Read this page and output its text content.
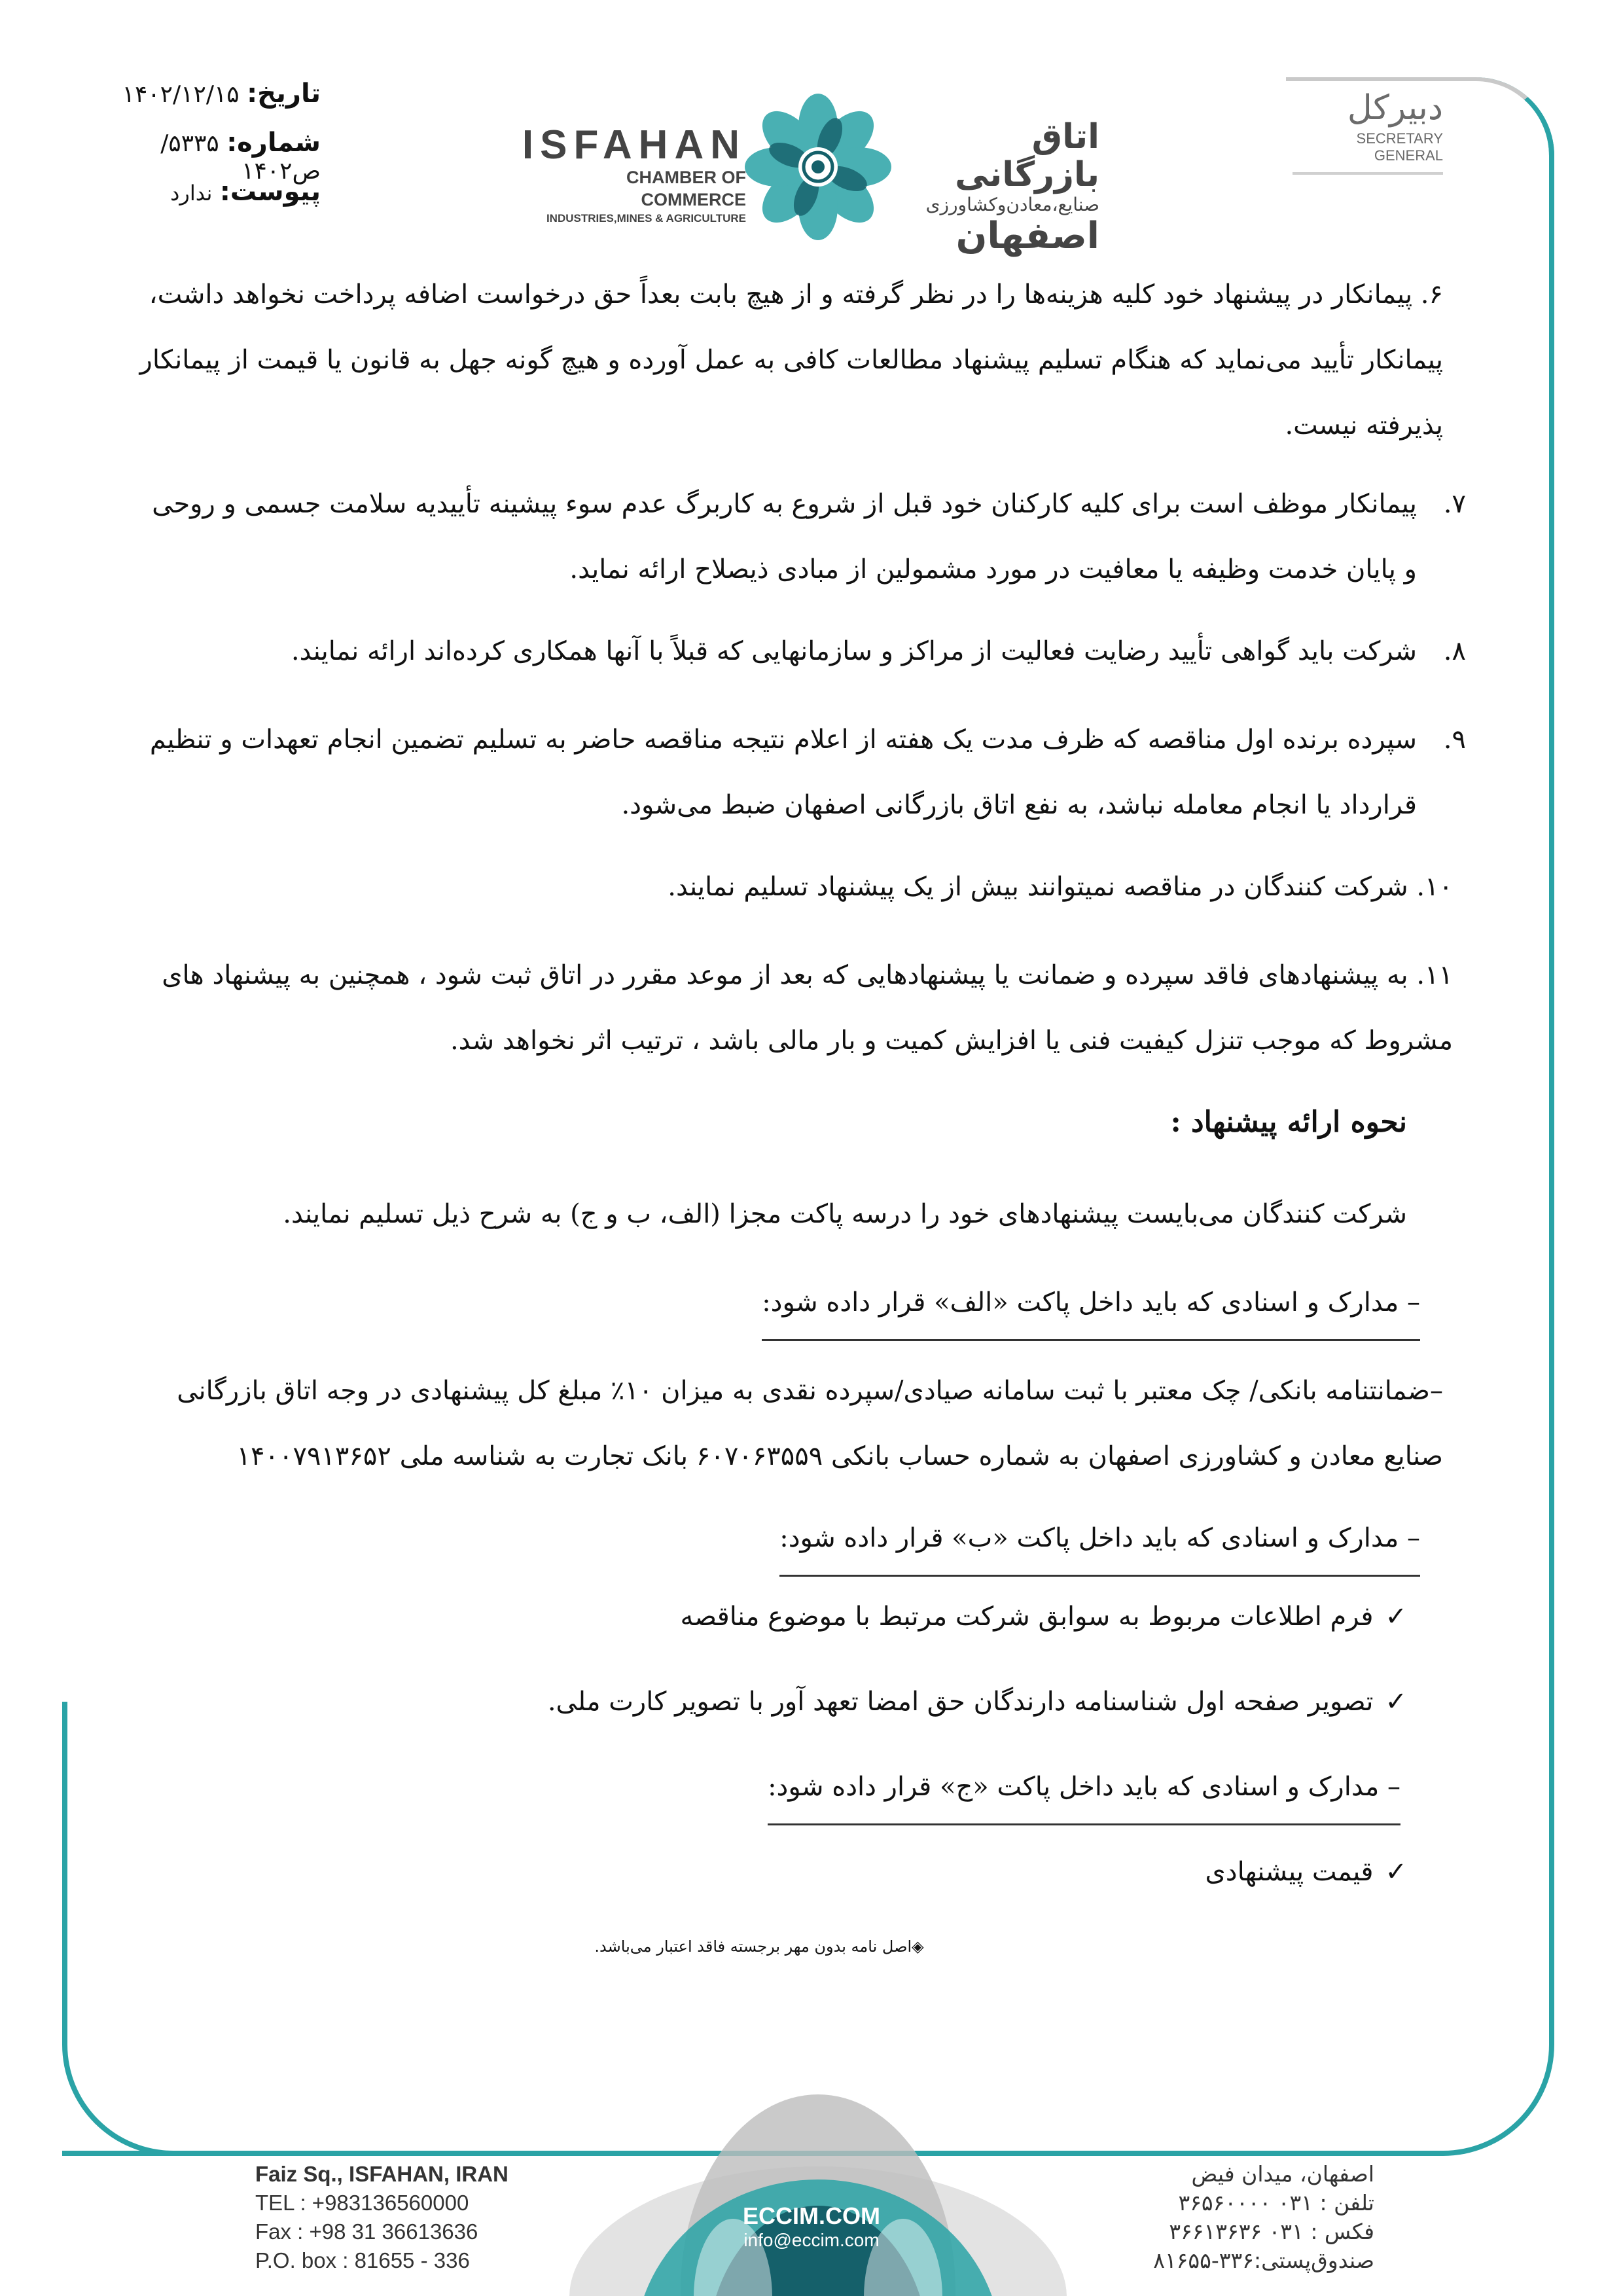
تاریخ: ۱۴۰۲/۱۲/۱۵
شماره: ۵۳۳۵/ص۱۴۰۲
پیوست: ندارد
ISFAHAN
CHAMBER OF COMMERCE
INDUSTRIES,MINES & AGRICULTURE
اتاق بازرگانی
صنایع،معادن‌وکشاورزی
اصفهان
دبیرکل
SECRETARY GENERAL
۶. پیمانکار در پیشنهاد خود کلیه هزینه‌ها را در نظر گرفته و از هیچ بابت بعداً حق درخواست اضافه پرداخت نخواهد داشت، پیمانکار تأیید می‌نماید که هنگام تسلیم پیشنهاد مطالعات کافی به عمل آورده و هیچ گونه جهل به قانون یا قیمت از پیمانکار پذیرفته نیست.
۷.
پیمانکار موظف است برای کلیه کارکنان خود قبل از شروع به کاربرگ عدم سوء پیشینه تأییدیه سلامت جسمی و روحی و پایان خدمت وظیفه یا معافیت در مورد مشمولین از مبادی ذیصلاح ارائه نماید.
۸.
شرکت باید گواهی تأیید رضایت فعالیت از مراکز و سازمانهایی که قبلاً با آنها همکاری کرده‌اند ارائه نمایند.
۹.
سپرده برنده اول مناقصه که ظرف مدت یک هفته از اعلام نتیجه مناقصه حاضر به تسلیم تضمین انجام تعهدات و تنظیم قرارداد یا انجام معامله نباشد، به نفع اتاق بازرگانی اصفهان ضبط می‌شود.
۱۰. شرکت کنندگان در مناقصه نمیتوانند بیش از یک پیشنهاد تسلیم نمایند.
۱۱. به پیشنهادهای فاقد سپرده و ضمانت یا پیشنهادهایی که بعد از موعد مقرر در اتاق ثبت شود ، همچنین به پیشنهاد های مشروط که موجب تنزل کیفیت فنی یا افزایش کمیت و بار مالی باشد ، ترتیب اثر نخواهد شد.
نحوه ارائه پیشنهاد :
شرکت کنندگان می‌بایست پیشنهادهای خود را درسه پاکت مجزا (الف، ب و ج) به شرح ذیل تسلیم نمایند.
– مدارک و اسنادی که باید داخل پاکت «الف» قرار داده شود:
–ضمانتنامه بانکی/ چک معتبر با ثبت سامانه صیادی/سپرده نقدی به میزان ۱۰٪ مبلغ کل پیشنهادی در وجه اتاق بازرگانی صنایع معادن و کشاورزی اصفهان به شماره حساب بانکی ۶۰۷۰۶۳۵۵۹ بانک تجارت به شناسه ملی ۱۴۰۰۷۹۱۳۶۵۲
– مدارک و اسنادی که باید داخل پاکت «ب» قرار داده شود:
✓فرم اطلاعات مربوط به سوابق شرکت مرتبط با موضوع مناقصه
✓تصویر صفحه اول شناسنامه دارندگان حق امضا تعهد آور با تصویر کارت ملی.
– مدارک و اسنادی که باید داخل پاکت «ج» قرار داده شود:
✓قیمت پیشنهادی
◈اصل نامه بدون مهر برجسته فاقد اعتبار می‌باشد.
Faiz Sq., ISFAHAN, IRAN
TEL : +983136560000
Fax : +98 31 36613636
P.O. box : 81655 - 336
ECCIM.COM
info@eccim.com
اصفهان، میدان فیض
تلفن : ۰۳۱ ۳۶۵۶۰۰۰۰
فکس : ۰۳۱ ۳۶۶۱۳۶۳۶
صندوق‌پستی:۳۳۶-۸۱۶۵۵
